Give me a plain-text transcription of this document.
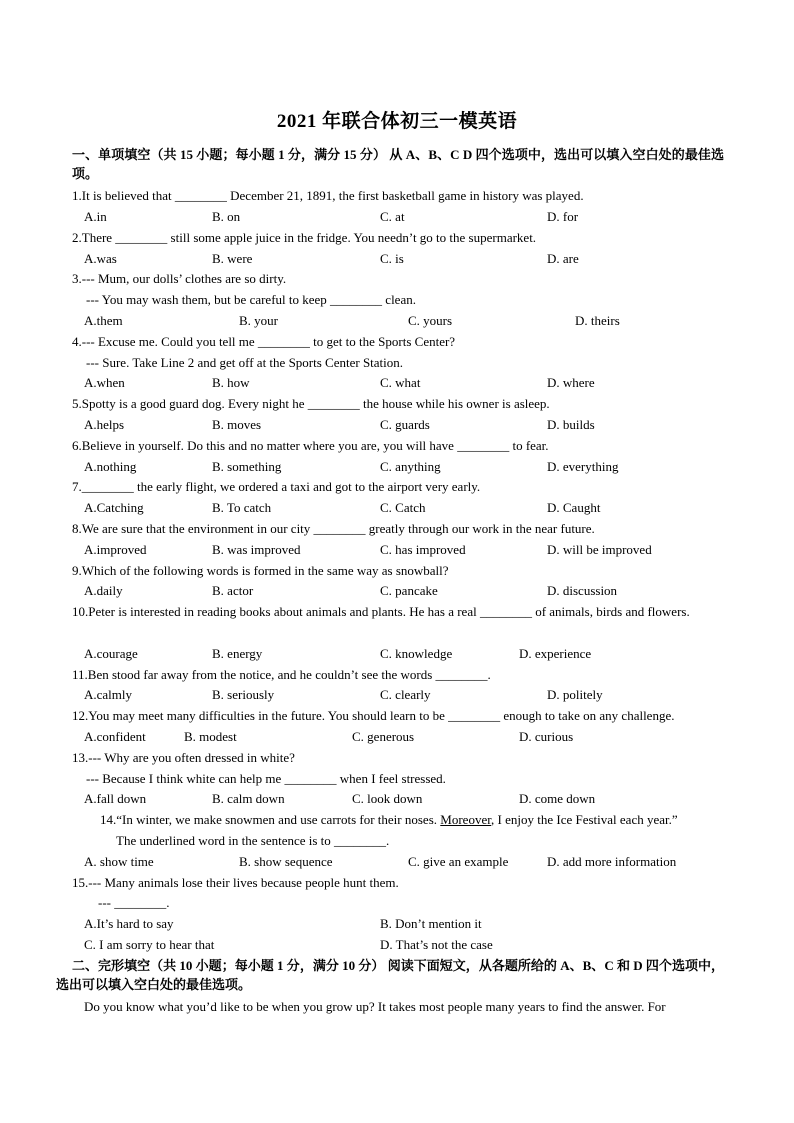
2021 年联合体初三一模英语
一、单项填空（共 15 小题；每小题 1 分，满分 15 分） 从 A、B、C D 四个选项中，选出可以填入空白处的最佳选项。
1.It is believed that ________ December 21, 1891, the first basketball game in history was played.
A.in	B. on	C. at	D. for
2.There ________ still some apple juice in the fridge. You needn’t go to the supermarket.
A.was	B. were	C. is	D. are
3.--- Mum, our dolls’ clothes are so dirty.
--- You may wash them, but be careful to keep ________ clean.
A.them	B. your	C. yours	D. theirs
4.--- Excuse me. Could you tell me ________ to get to the Sports Center?
--- Sure. Take Line 2 and get off at the Sports Center Station.
A.when	B. how	C. what	D. where
5.Spotty is a good guard dog. Every night he ________ the house while his owner is asleep.
A.helps	B. moves	C. guards	D. builds
6.Believe in yourself. Do this and no matter where you are, you will have ________ to fear.
A.nothing	B. something	C. anything	D. everything
7.________ the early flight, we ordered a taxi and got to the airport very early.
A.Catching	B. To catch	C. Catch	D. Caught
8.We are sure that the environment in our city ________ greatly through our work in the near future.
A.improved	B. was improved	C. has improved	D. will be improved
9.Which of the following words is formed in the same way as snowball?
A.daily	B. actor	C. pancake	D. discussion
10.Peter is interested in reading books about animals and plants. He has a real ________ of animals, birds and flowers.
A.courage	B. energy	C. knowledge	D. experience
11.Ben stood far away from the notice, and he couldn’t see the words ________.
A.calmly	B. seriously	C. clearly	D. politely
12.You may meet many difficulties in the future. You should learn to be ________ enough to take on any challenge.
A.confident	B. modest	C. generous	D. curious
13.--- Why are you often dressed in white?
--- Because I think white can help me ________ when I feel stressed.
A.fall down	B. calm down	C. look down	D. come down
14.“In winter, we make snowmen and use carrots for their noses. Moreover, I enjoy the Ice Festival each year.”
The underlined word in the sentence is to ________.
A. show time	B. show sequence	C. give an example	D. add more information
15.--- Many animals lose their lives because people hunt them.
--- ________.
A.It’s hard to say	B. Don’t mention it
C. I am sorry to hear that	D. That’s not the case
二、完形填空（共 10 小题；每小题 1 分，满分 10 分） 阅读下面短文，从各题所给的 A、B、C 和 D 四个选项中，选出可以填入空白处的最佳选项。
Do you know what you’d like to be when you grow up? It takes most people many years to find the answer. For
